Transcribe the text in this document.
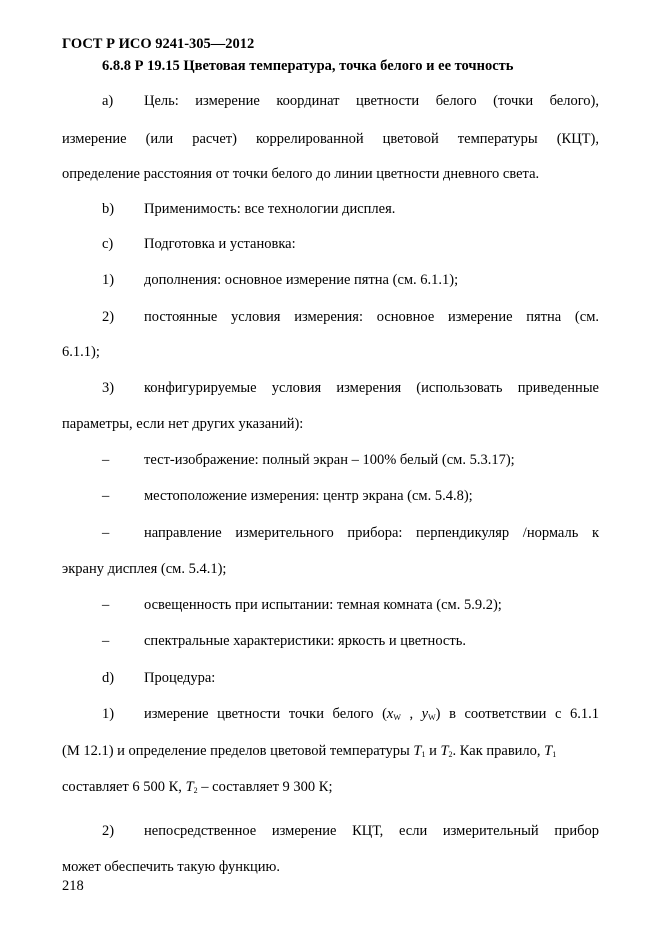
ГОСТ Р ИСО 9241-305—2012
6.8.8 Р 19.15 Цветовая температура, точка белого и ее точность
a) Цель: измерение координат цветности белого (точки белого),
измерение (или расчет) коррелированной цветовой температуры (КЦТ),
определение расстояния от точки белого до линии цветности дневного света.
b) Применимость: все технологии дисплея.
c) Подготовка и установка:
1) дополнения: основное измерение пятна (см. 6.1.1);
2) постоянные условия измерения: основное измерение пятна (см.
6.1.1);
3) конфигурируемые условия измерения (использовать приведенные
параметры, если нет других указаний):
– тест-изображение: полный экран – 100% белый (см. 5.3.17);
– местоположение измерения: центр экрана (см. 5.4.8);
– направление измерительного прибора: перпендикуляр /нормаль к
экрану дисплея (см. 5.4.1);
– освещенность при испытании: темная комната (см. 5.9.2);
– спектральные характеристики: яркость и цветность.
d) Процедура:
1) измерение цветности точки белого ($x_W$ , $y_W$) в соответствии с 6.1.1
(М 12.1) и определение пределов цветовой температуры $T_1$ и $T_2$. Как правило, $T_1$
составляет 6 500 К, $T_2$ – составляет 9 300 К;
2) непосредственное измерение КЦТ, если измерительный прибор
может обеспечить такую функцию.
218
